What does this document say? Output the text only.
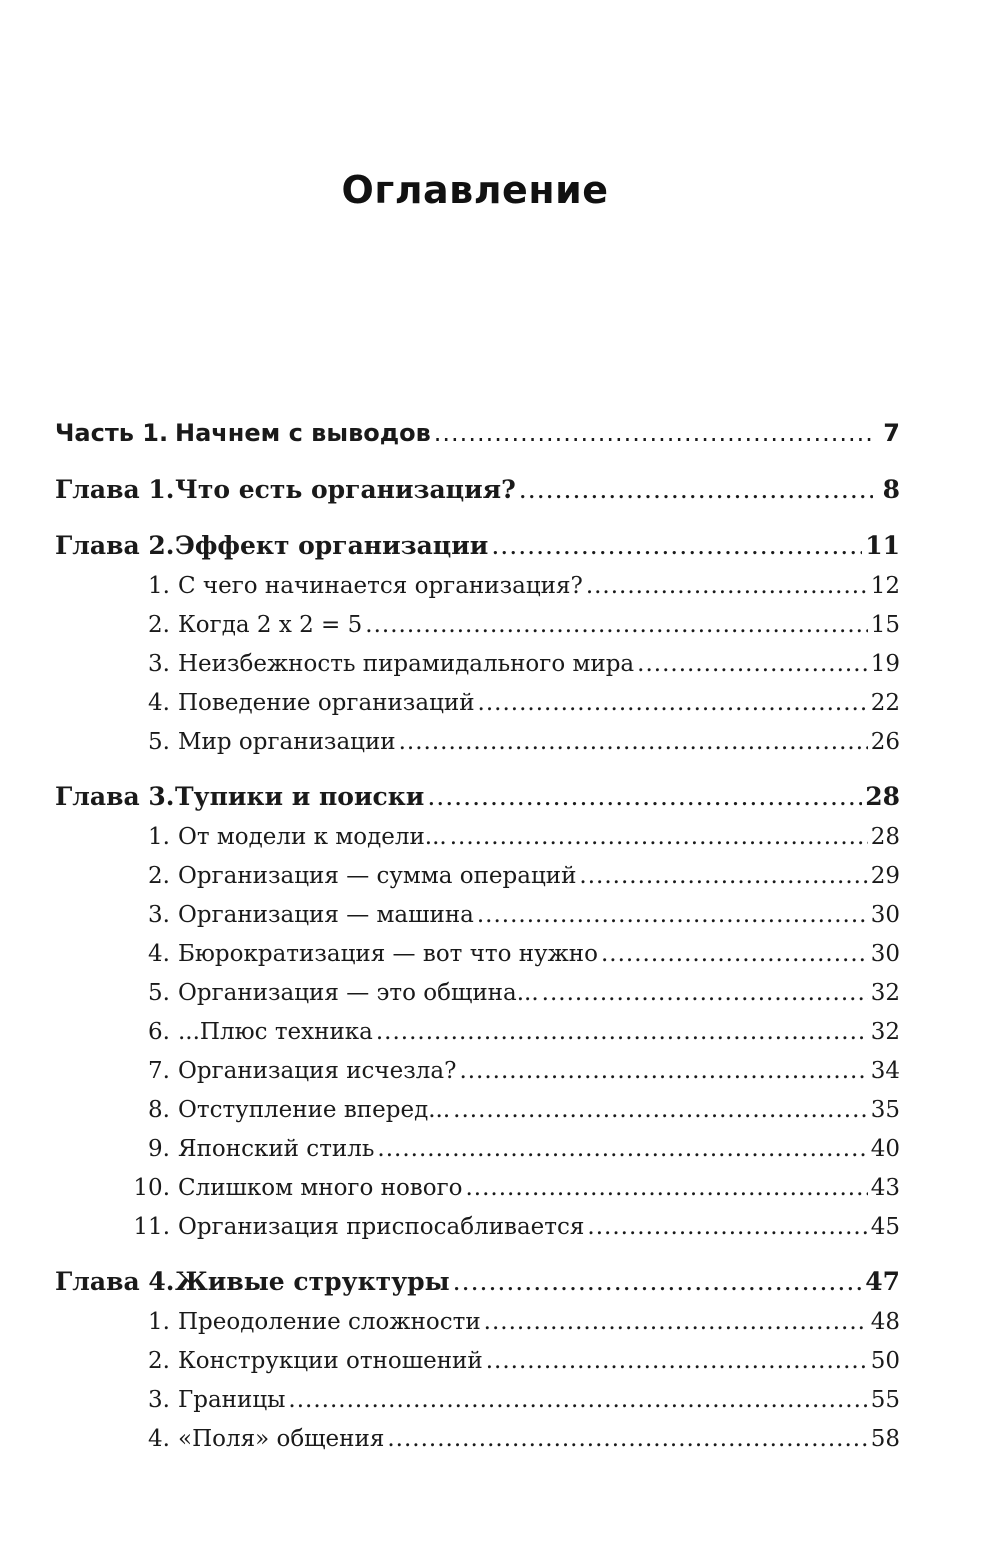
Оглавление
Часть 1. Начнем с выводов .....	7
Глава 1. Что есть организация? .....	8
Глава 2. Эффект организации .....	11
1. С чего начинается организация? .....	12
2. Когда 2 х 2 = 5 .....	15
3. Неизбежность пирамидального мира .....	19
4. Поведение организаций .....	22
5. Мир организации .....	26
Глава 3. Тупики и поиски .....	28
1. От модели к модели... .....	28
2. Организация — сумма операций .....	29
3. Организация — машина .....	30
4. Бюрократизация — вот что нужно .....	30
5. Организация — это община... .....	32
6. ...Плюс техника .....	32
7. Организация исчезла? .....	34
8. Отступление вперед... .....	35
9. Японский стиль .....	40
10. Слишком много нового .....	43
11. Организация приспосабливается .....	45
Глава 4. Живые структуры .....	47
1. Преодоление сложности .....	48
2. Конструкции отношений .....	50
3. Границы .....	55
4. «Поля» общения .....	58
